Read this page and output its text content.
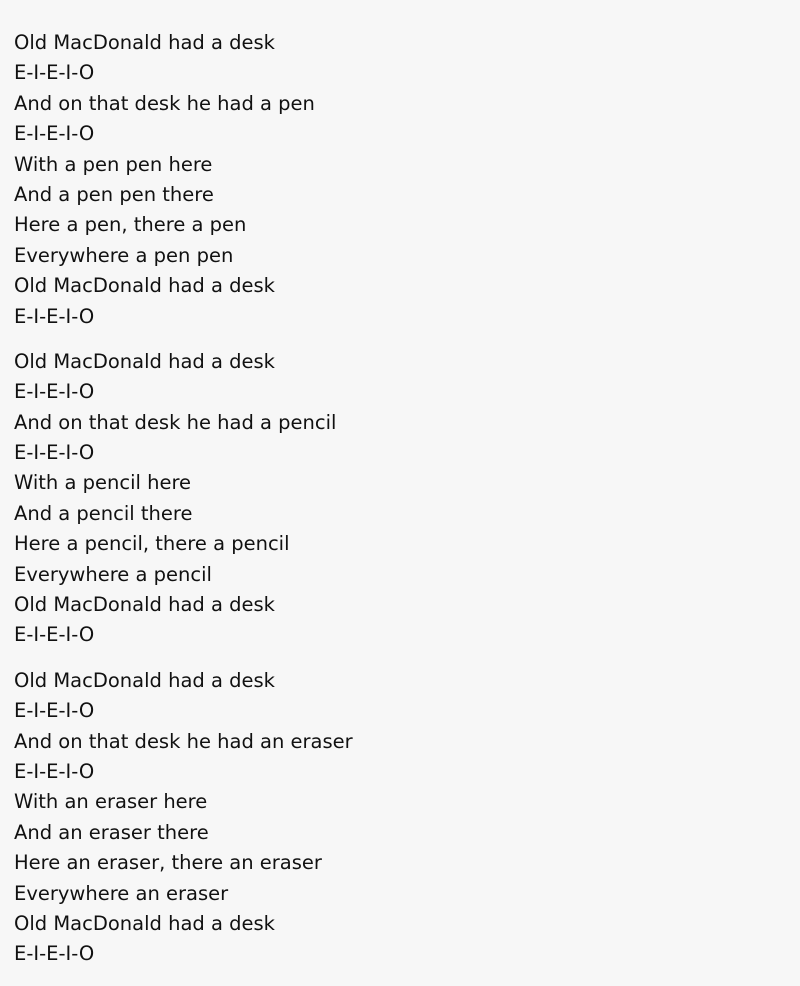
Old MacDonald had a desk
E-I-E-I-O
And on that desk he had a pen
E-I-E-I-O
With a pen pen here
And a pen pen there
Here a pen, there a pen
Everywhere a pen pen
Old MacDonald had a desk
E-I-E-I-O
Old MacDonald had a desk
E-I-E-I-O
And on that desk he had a pencil
E-I-E-I-O
With a pencil here
And a pencil there
Here a pencil, there a pencil
Everywhere a pencil
Old MacDonald had a desk
E-I-E-I-O
Old MacDonald had a desk
E-I-E-I-O
And on that desk he had an eraser
E-I-E-I-O
With an eraser here
And an eraser there
Here an eraser, there an eraser
Everywhere an eraser
Old MacDonald had a desk
E-I-E-I-O
